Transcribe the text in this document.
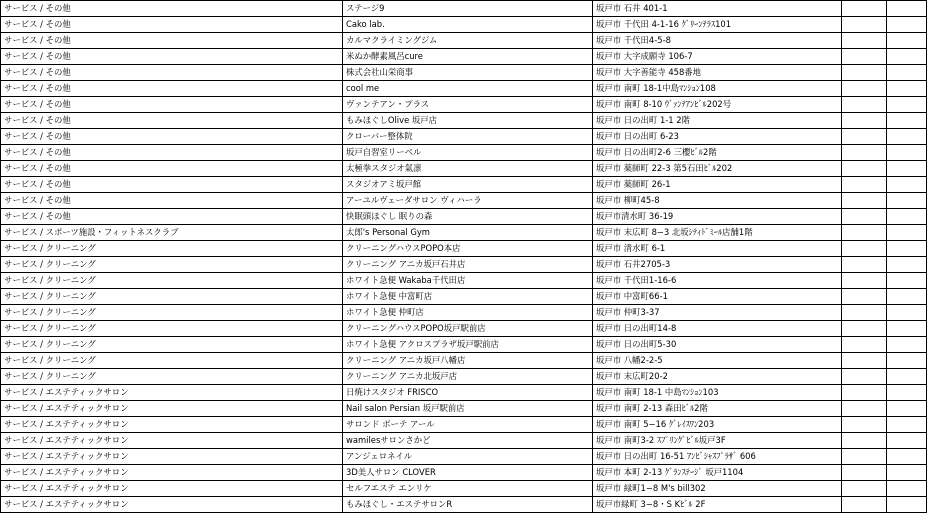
サービス / その他	ステージ9	坂戸市 石井 401-1		
サービス / その他	Cako lab.	坂戸市 千代田 4-1-16 ｸﾞﾘｰﾝﾃﾗｽ101		
サービス / その他	カルマクライミングジム	坂戸市 千代田4-5-8		
サービス / その他	米ぬか酵素風呂cure	坂戸市 大字成願寺 106-7		
サービス / その他	株式会社山栄商事	坂戸市 大字善能寺 458番地		
サービス / その他	cool me	坂戸市 南町 18-1中島ﾏﾝｼｮﾝ108		
サービス / その他	ヴァンテアン・プラス	坂戸市 南町 8-10 ｳﾞｧﾝﾃｱﾝﾋﾞﾙ202号		
サービス / その他	もみほぐしOlive 坂戸店	坂戸市 日の出町 1-1 2階		
サービス / その他	クローバー整体院	坂戸市 日の出町 6-23		
サービス / その他	坂戸自習室リーベル	坂戸市 日の出町2-6 三櫻ﾋﾞﾙ2階		
サービス / その他	太極拳スタジオ氣凛	坂戸市 薬師町 22-3 第5石田ﾋﾞﾙ202		
サービス / その他	スタジオアミ坂戸館	坂戸市 薬師町 26-1		
サービス / その他	アーユルヴェーダサロン ヴィハーラ	坂戸市 柳町45-8		
サービス / その他	快眠頭ほぐし 眠りの森	坂戸市清水町 36-19		
サービス / スポーツ施設・フィットネスクラブ	太郎's Personal Gym	坂戸市 末広町 8−3 北坂ｼﾃｨﾄﾞﾐｰﾙ店舗1階		
サービス / クリーニング	クリーニングハウスPOPO本店	坂戸市 清水町 6-1		
サービス / クリーニング	クリーニング アニカ坂戸石井店	坂戸市 石井2705-3		
サービス / クリーニング	ホワイト急便 Wakaba千代田店	坂戸市 千代田1-16-6		
サービス / クリーニング	ホワイト急便 中富町店	坂戸市 中富町66-1		
サービス / クリーニング	ホワイト急便 仲町店	坂戸市 仲町3-37		
サービス / クリーニング	クリーニングハウスPOPO坂戸駅前店	坂戸市 日の出町14-8		
サービス / クリーニング	ホワイト急便 アクロスプラザ坂戸駅前店	坂戸市 日の出町5-30		
サービス / クリーニング	クリーニング アニカ坂戸八幡店	坂戸市 八幡2-2-5		
サービス / クリーニング	クリーニング アニカ北坂戸店	坂戸市 末広町20-2		
サービス / エステティックサロン	日焼けスタジオ FRISCO	坂戸市 南町 18-1 中島ﾏﾝｼｮﾝ103		
サービス / エステティックサロン	Nail salon Persian 坂戸駅前店	坂戸市 南町 2-13 森田ﾋﾞﾙ2階		
サービス / エステティックサロン	サロンド ボーテ アール	坂戸市 南町 5−16 ｸﾞﾚｲｽﾜﾝ203		
サービス / エステティックサロン	wamilesサロンさかど	坂戸市 南町3-2 ｽﾌﾟﾘﾝｸﾞﾋﾞﾙ坂戸3F		
サービス / エステティックサロン	アンジェロネイル	坂戸市 日の出町 16-51 ｱﾝﾋﾞｼｬｽﾌﾟﾗｻﾞ 606		
サービス / エステティックサロン	3D美人サロン CLOVER	坂戸市 本町 2-13 ｸﾞﾗﾝｽﾃｰｼﾞ 坂戸1104		
サービス / エステティックサロン	セルフエステ エンリケ	坂戸市 緑町1−8 M's bill302		
サービス / エステティックサロン	もみほぐし・エステサロンR	坂戸市緑町 3−8・S Kﾋﾞﾙ 2F		
